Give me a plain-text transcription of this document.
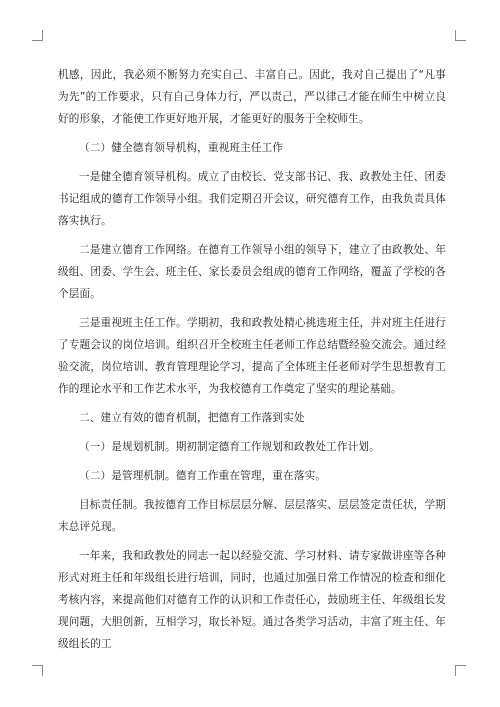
机感，因此，我必须不断努力充实自己、丰富自己。因此，我对自己提出了“凡事为先”的工作要求，只有自己身体力行，严以责己，严以律己才能在师生中树立良好的形象，才能使工作更好地开展，才能更好的服务于全校师生。

（二）健全德育领导机构，重视班主任工作

一是健全德育领导机构。成立了由校长、党支部书记、我、政教处主任、团委书记组成的德育工作领导小组。我们定期召开会议，研究德育工作，由我负责具体落实执行。

二是建立德育工作网络。在德育工作领导小组的领导下，建立了由政教处、年级组、团委、学生会、班主任、家长委员会组成的德育工作网络，覆盖了学校的各个层面。

三是重视班主任工作。学期初，我和政教处精心挑选班主任，并对班主任进行了专题会议的岗位培训。组织召开全校班主任老师工作总结暨经验交流会。通过经验交流，岗位培训、教育管理理论学习，提高了全体班主任老师对学生思想教育工作的理论水平和工作艺术水平，为我校德育工作奠定了坚实的理论基础。

二、建立有效的德育机制，把德育工作落到实处

（一）是规划机制。期初制定德育工作规划和政教处工作计划。

（二）是管理机制。德育工作重在管理，重在落实。

目标责任制。我按德育工作目标层层分解、层层落实、层层签定责任状，学期末总评兑现。

一年来，我和政教处的同志一起以经验交流、学习材料、请专家做讲座等各种形式对班主任和年级组长进行培训，同时，也通过加强日常工作情况的检查和细化考核内容，来提高他们对德育工作的认识和工作责任心，鼓励班主任、年级组长发现问题，大胆创新，互相学习，取长补短。通过各类学习活动，丰富了班主任、年级组长的工
